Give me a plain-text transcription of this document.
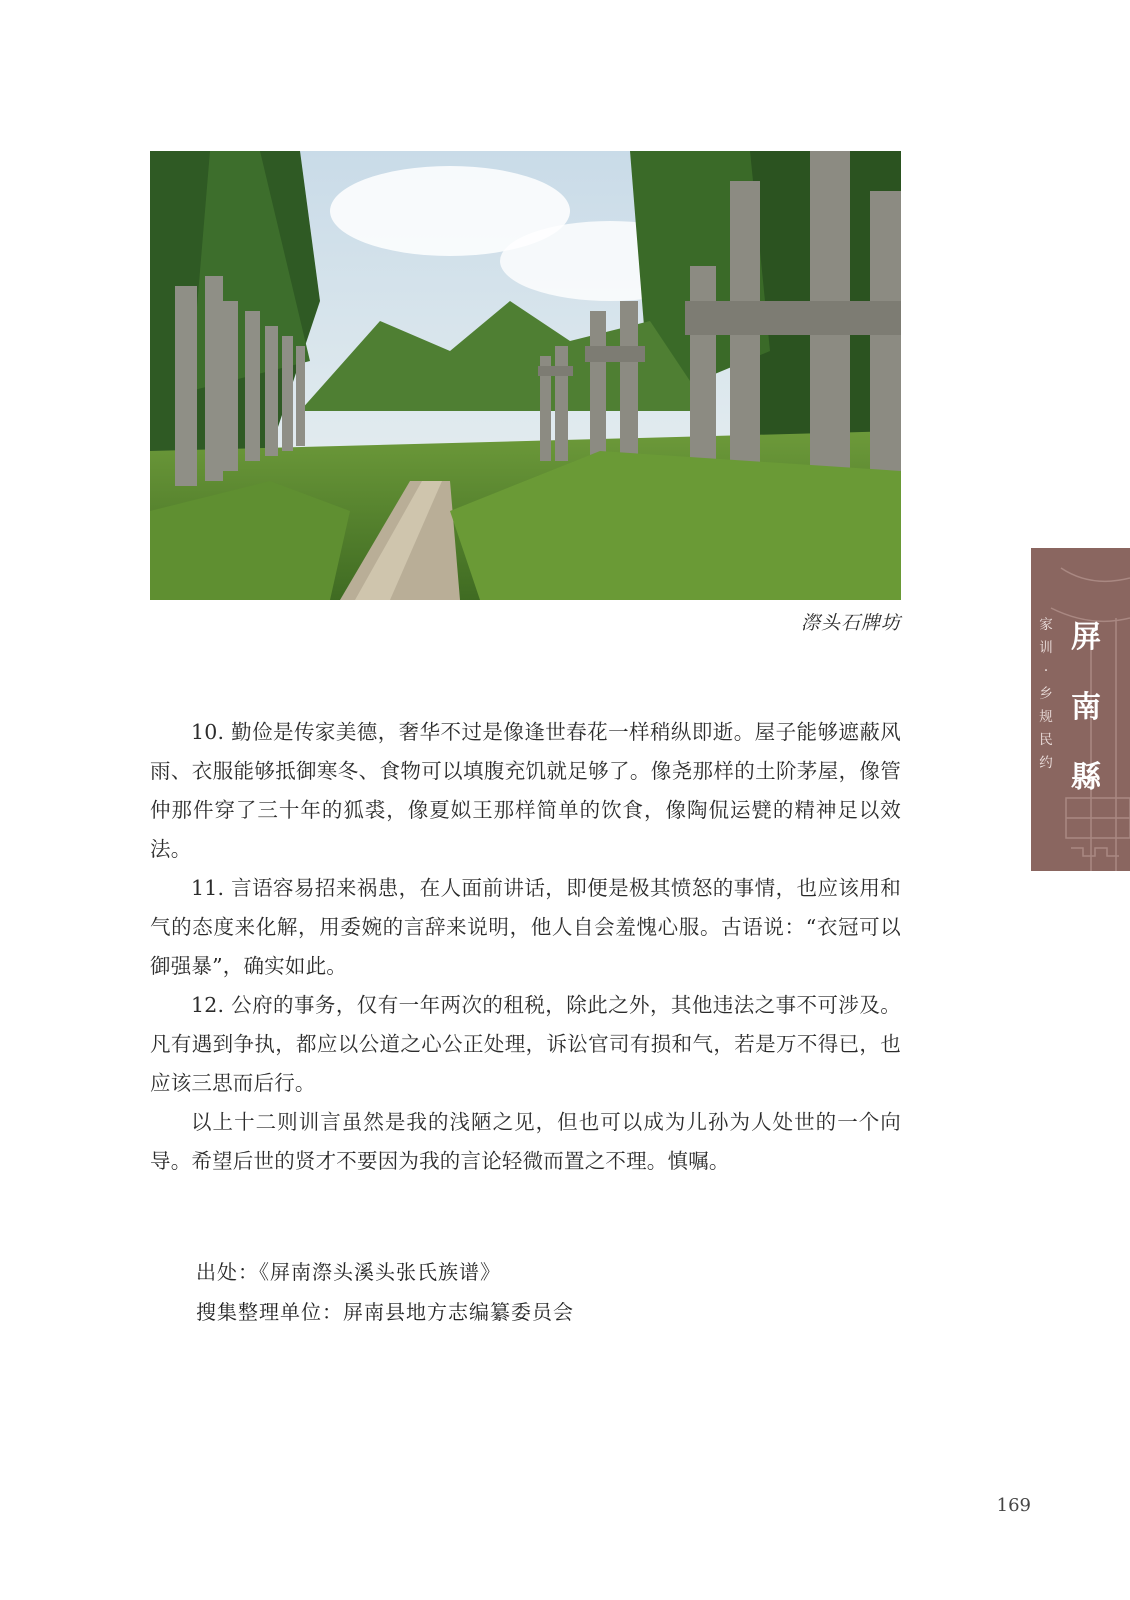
漈头石牌坊

10. 勤俭是传家美德，奢华不过是像逢世春花一样稍纵即逝。屋子能够遮蔽风雨、衣服能够抵御寒冬、食物可以填腹充饥就足够了。像尧那样的土阶茅屋，像管仲那件穿了三十年的狐裘，像夏姒王那样简单的饮食，像陶侃运甓的精神足以效法。

11. 言语容易招来祸患，在人面前讲话，即便是极其愤怒的事情，也应该用和气的态度来化解，用委婉的言辞来说明，他人自会羞愧心服。古语说：“衣冠可以御强暴”，确实如此。

12. 公府的事务，仅有一年两次的租税，除此之外，其他违法之事不可涉及。凡有遇到争执，都应以公道之心公正处理，诉讼官司有损和气，若是万不得已，也应该三思而后行。

以上十二则训言虽然是我的浅陋之见，但也可以成为儿孙为人处世的一个向导。希望后世的贤才不要因为我的言论轻微而置之不理。慎嘱。

出处：《屏南漈头溪头张氏族谱》
搜集整理单位：屏南县地方志编纂委员会
屏
南
縣
家
训
·
乡
规
民
约
169
